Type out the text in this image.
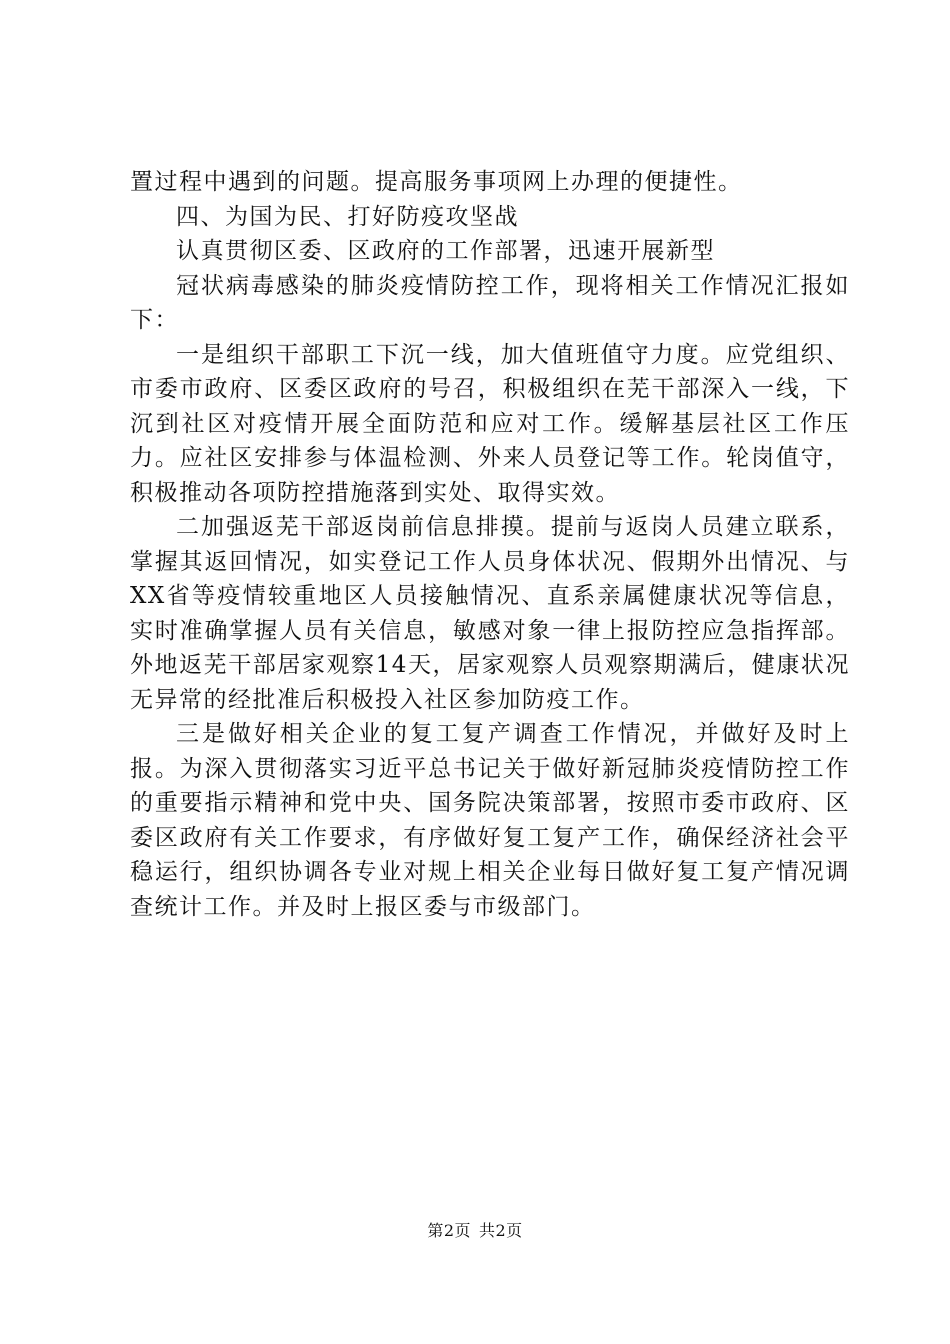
置过程中遇到的问题。提高服务事项网上办理的便捷性。

四、为国为民、打好防疫攻坚战

认真贯彻区委、区政府的工作部署，迅速开展新型

冠状病毒感染的肺炎疫情防控工作，现将相关工作情况汇报如下：

一是组织干部职工下沉一线，加大值班值守力度。应党组织、市委市政府、区委区政府的号召，积极组织在芜干部深入一线，下沉到社区对疫情开展全面防范和应对工作。缓解基层社区工作压力。应社区安排参与体温检测、外来人员登记等工作。轮岗值守，积极推动各项防控措施落到实处、取得实效。

二加强返芜干部返岗前信息排摸。提前与返岗人员建立联系，掌握其返回情况，如实登记工作人员身体状况、假期外出情况、与XX省等疫情较重地区人员接触情况、直系亲属健康状况等信息，实时准确掌握人员有关信息，敏感对象一律上报防控应急指挥部。外地返芜干部居家观察14天，居家观察人员观察期满后，健康状况无异常的经批准后积极投入社区参加防疫工作。

三是做好相关企业的复工复产调查工作情况，并做好及时上报。为深入贯彻落实习近平总书记关于做好新冠肺炎疫情防控工作的重要指示精神和党中央、国务院决策部署，按照市委市政府、区委区政府有关工作要求，有序做好复工复产工作，确保经济社会平稳运行，组织协调各专业对规上相关企业每日做好复工复产情况调查统计工作。并及时上报区委与市级部门。

第2页 共2页
